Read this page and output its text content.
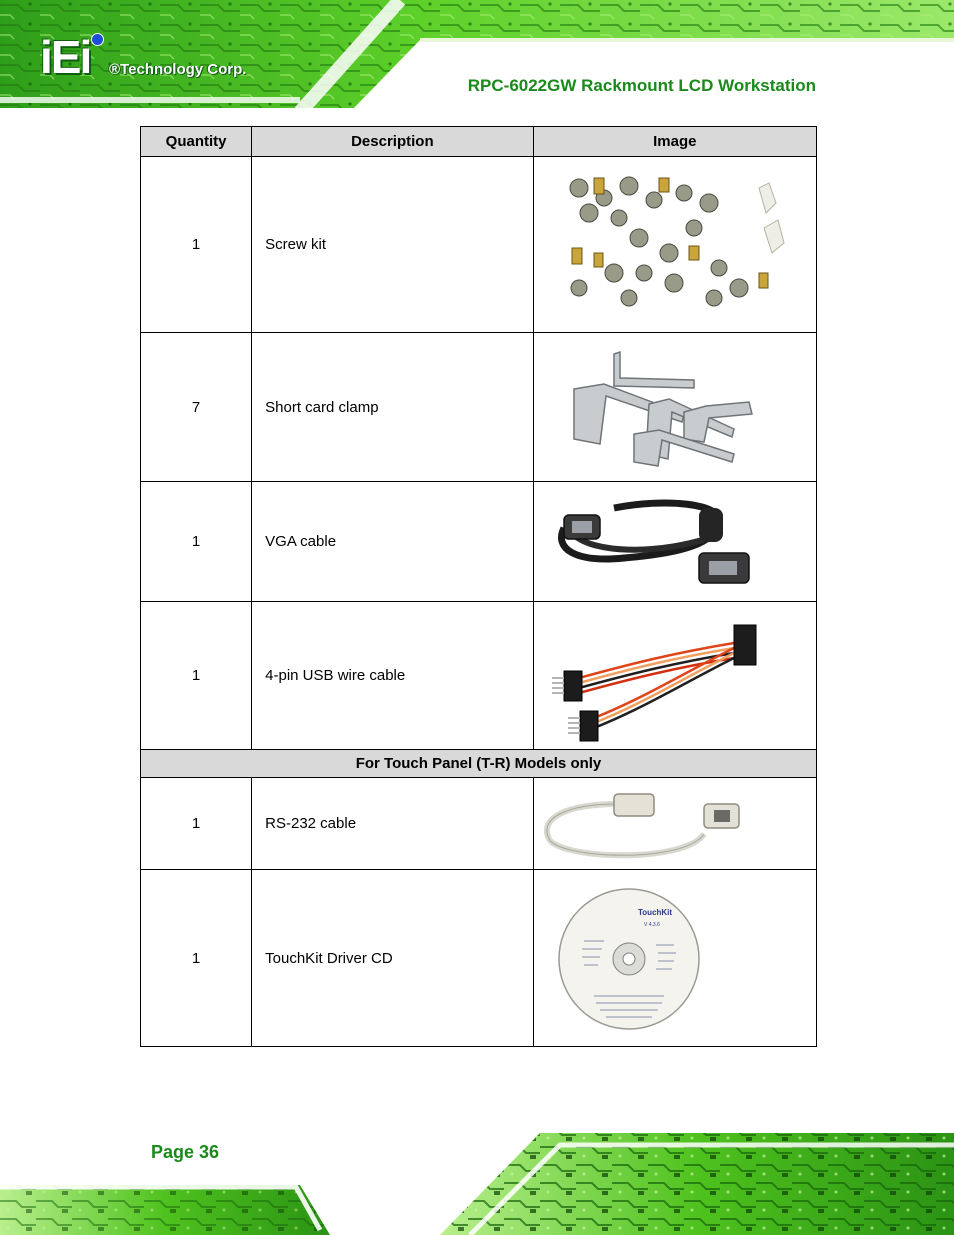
iEi ®Technology Corp.
RPC-6022GW Rackmount LCD Workstation
Quantity	Description	Image
1	Screw kit	

7	Short card clamp	

1	VGA cable	

1	4-pin USB wire cable	

For Touch Panel (T-R) Models only		
1	RS-232 cable	

1	TouchKit Driver CD	TouchKit
V 4.3.6
Page 36
